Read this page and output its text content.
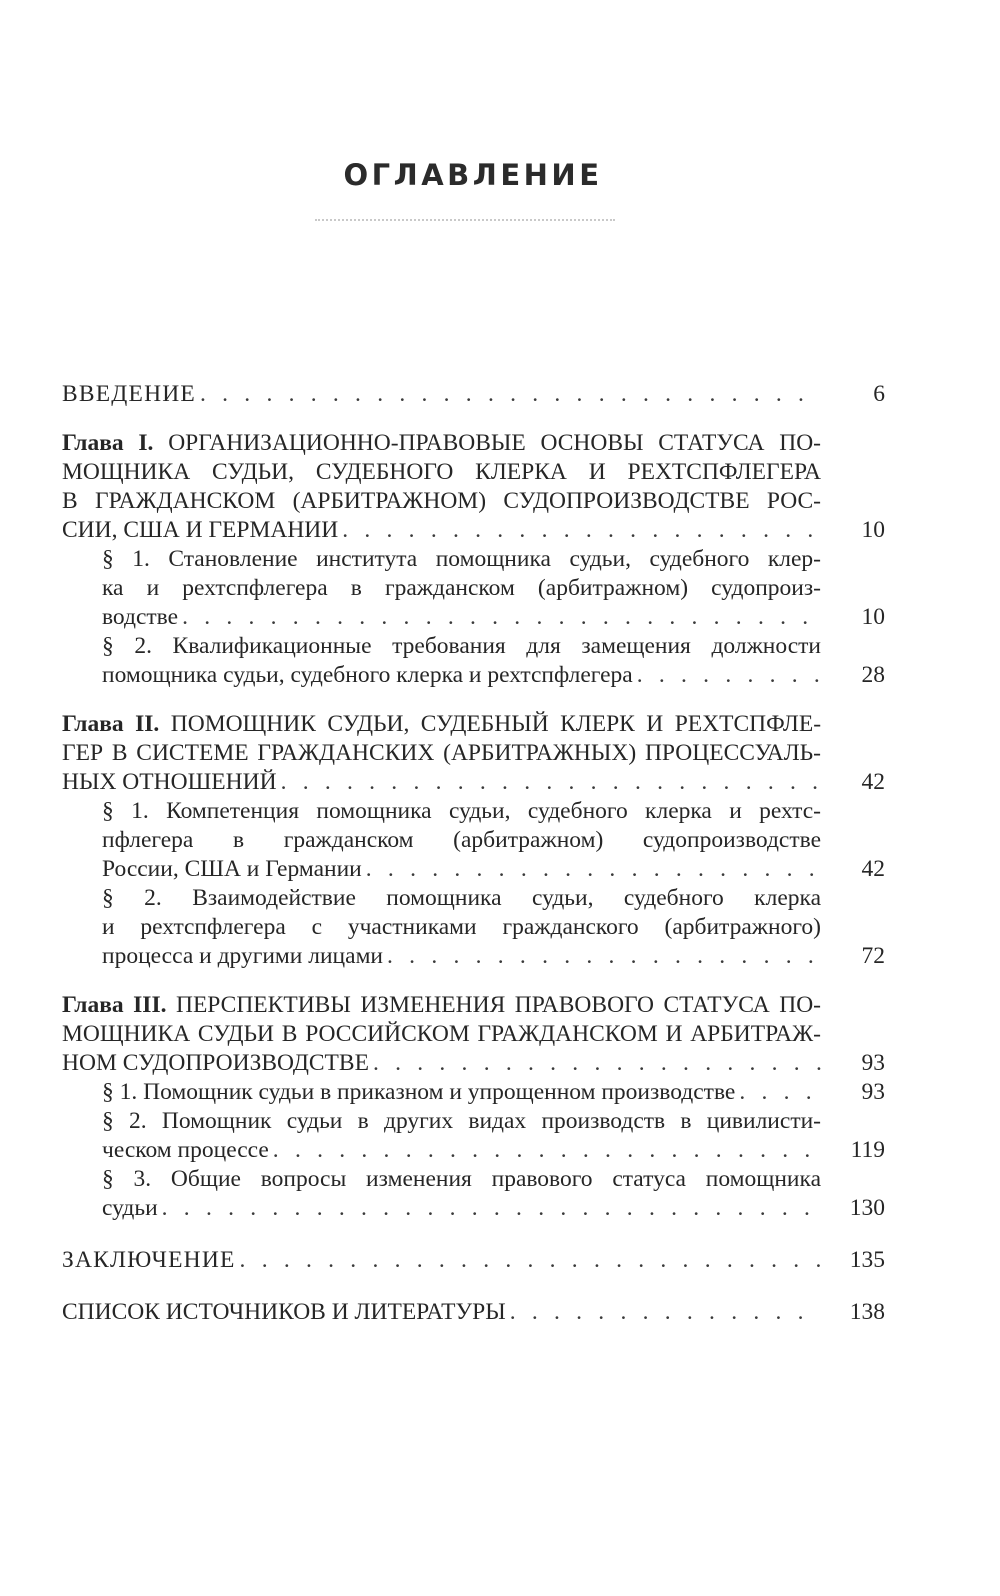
ОГЛАВЛЕНИЕ
ВВЕДЕНИЕ . . .	6
Глава I. ОРГАНИЗАЦИОННО-ПРАВОВЫЕ ОСНОВЫ СТАТУСА ПО-
МОЩНИКА СУДЬИ, СУДЕБНОГО КЛЕРКА И РЕХТСПФЛЕГЕРА
В ГРАЖДАНСКОМ (АРБИТРАЖНОМ) СУДОПРОИЗВОДСТВЕ РОС-
СИИ, США И ГЕРМАНИИ . . .	10
§ 1. Становление института помощника судьи, судебного клер-
ка и рехтспфлегера в гражданском (арбитражном) судопроиз-
водстве . . .	10
§ 2. Квалификационные требования для замещения должности
помощника судьи, судебного клерка и рехтспфлегера . . .	28
Глава II. ПОМОЩНИК СУДЬИ, СУДЕБНЫЙ КЛЕРК И РЕХТСПФЛЕ-
ГЕР В СИСТЕМЕ ГРАЖДАНСКИХ (АРБИТРАЖНЫХ) ПРОЦЕССУАЛЬ-
НЫХ ОТНОШЕНИЙ . . .	42
§ 1. Компетенция помощника судьи, судебного клерка и рехтс-
пфлегера в гражданском (арбитражном) судопроизводстве
России, США и Германии . . .	42
§ 2. Взаимодействие помощника судьи, судебного клерка
и рехтспфлегера с участниками гражданского (арбитражного)
процесса и другими лицами . . .	72
Глава III. ПЕРСПЕКТИВЫ ИЗМЕНЕНИЯ ПРАВОВОГО СТАТУСА ПО-
МОЩНИКА СУДЬИ В РОССИЙСКОМ ГРАЖДАНСКОМ И АРБИТРАЖ-
НОМ СУДОПРОИЗВОДСТВЕ . . .	93
§ 1. Помощник судьи в приказном и упрощенном производстве . . .	93
§ 2. Помощник судьи в других видах производств в цивилисти-
ческом процессе . . .	119
§ 3. Общие вопросы изменения правового статуса помощника
судьи . . .	130
ЗАКЛЮЧЕНИЕ . . .	135
СПИСОК ИСТОЧНИКОВ И ЛИТЕРАТУРЫ . . .	138
